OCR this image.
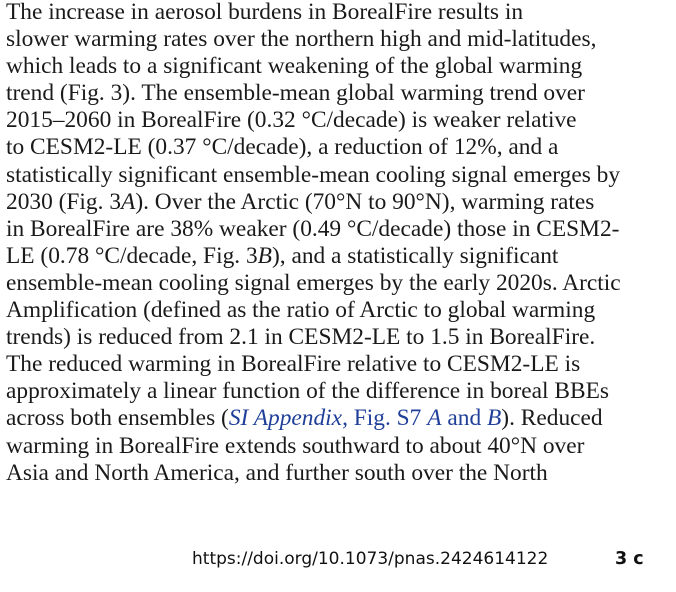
The increase in aerosol burdens in BorealFire results in
slower warming rates over the northern high and mid-latitudes,
which leads to a significant weakening of the global warming
trend (Fig. 3). The ensemble-mean global warming trend over
2015–2060 in BorealFire (0.32 °C/decade) is weaker relative
to CESM2-LE (0.37 °C/decade), a reduction of 12%, and a
statistically significant ensemble-mean cooling signal emerges by
2030 (Fig. 3A). Over the Arctic (70°N to 90°N), warming rates
in BorealFire are 38% weaker (0.49 °C/decade) those in CESM2-
LE (0.78 °C/decade, Fig. 3B), and a statistically significant
ensemble-mean cooling signal emerges by the early 2020s. Arctic
Amplification (defined as the ratio of Arctic to global warming
trends) is reduced from 2.1 in CESM2-LE to 1.5 in BorealFire.
The reduced warming in BorealFire relative to CESM2-LE is
approximately a linear function of the difference in boreal BBEs
across both ensembles (SI Appendix, Fig. S7 A and B). Reduced
warming in BorealFire extends southward to about 40°N over
Asia and North America, and further south over the North
https://doi.org/10.1073/pnas.2424614122	3 c
